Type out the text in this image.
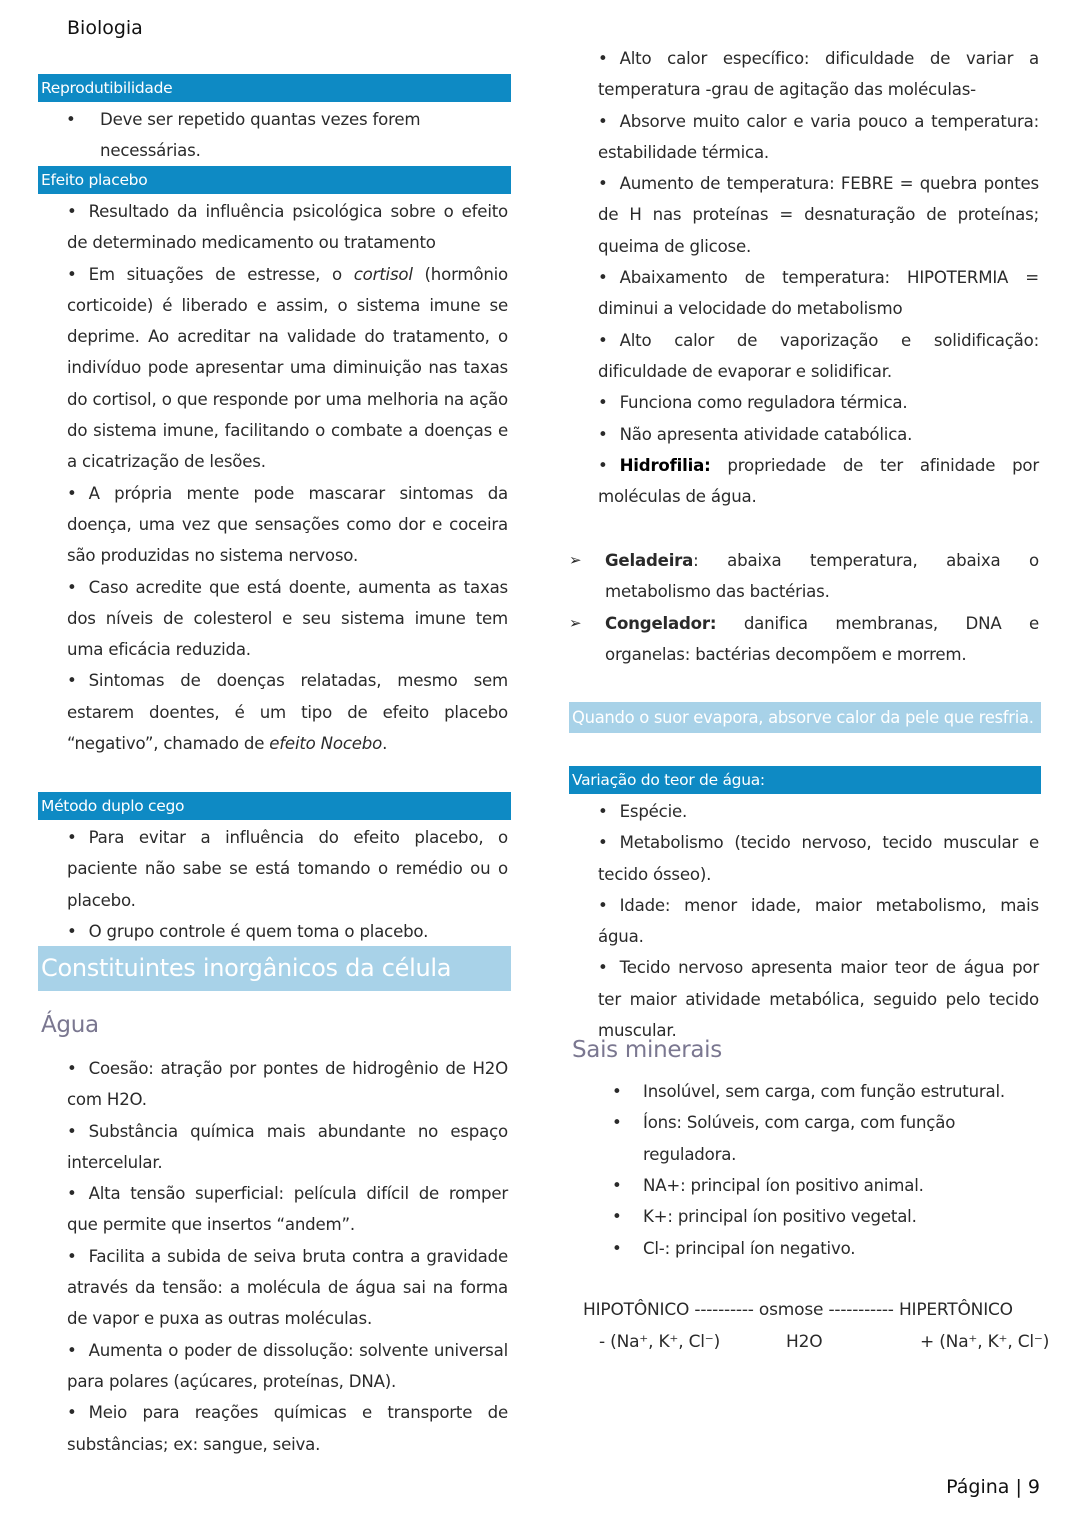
Biologia
Reprodutibilidade
• Deve ser repetido quantas vezes forem necessárias.
Efeito placebo
• Resultado da influência psicológica sobre o efeito de determinado medicamento ou tratamento
• Em situações de estresse, o cortisol (hormônio corticoide) é liberado e assim, o sistema imune se deprime. Ao acreditar na validade do tratamento, o indivíduo pode apresentar uma diminuição nas taxas do cortisol, o que responde por uma melhoria na ação do sistema imune, facilitando o combate a doenças e a cicatrização de lesões.
• A própria mente pode mascarar sintomas da doença, uma vez que sensações como dor e coceira são produzidas no sistema nervoso.
• Caso acredite que está doente, aumenta as taxas dos níveis de colesterol e seu sistema imune tem uma eficácia reduzida.
• Sintomas de doenças relatadas, mesmo sem estarem doentes, é um tipo de efeito placebo “negativo”, chamado de efeito Nocebo.
Método duplo cego
• Para evitar a influência do efeito placebo, o paciente não sabe se está tomando o remédio ou o placebo.
• O grupo controle é quem toma o placebo.
Constituintes inorgânicos da célula
Água
• Coesão: atração por pontes de hidrogênio de H2O com H2O.
• Substância química mais abundante no espaço intercelular.
• Alta tensão superficial: película difícil de romper que permite que insertos “andem”.
• Facilita a subida de seiva bruta contra a gravidade através da tensão: a molécula de água sai na forma de vapor e puxa as outras moléculas.
• Aumenta o poder de dissolução: solvente universal para polares (açúcares, proteínas, DNA).
• Meio para reações químicas e transporte de substâncias; ex: sangue, seiva.
• Alto calor específico: dificuldade de variar a temperatura -grau de agitação das moléculas-
• Absorve muito calor e varia pouco a temperatura: estabilidade térmica.
• Aumento de temperatura: FEBRE = quebra pontes de H nas proteínas = desnaturação de proteínas; queima de glicose.
• Abaixamento de temperatura: HIPOTERMIA = diminui a velocidade do metabolismo
• Alto calor de vaporização e solidificação: dificuldade de evaporar e solidificar.
• Funciona como reguladora térmica.
• Não apresenta atividade catabólica.
• Hidrofilia: propriedade de ter afinidade por moléculas de água.
➢ Geladeira: abaixa temperatura, abaixa o metabolismo das bactérias.
➢ Congelador: danifica membranas, DNA e organelas: bactérias decompõem e morrem.
Quando o suor evapora, absorve calor da pele que resfria.
Variação do teor de água:
• Espécie.
• Metabolismo (tecido nervoso, tecido muscular e tecido ósseo).
• Idade: menor idade, maior metabolismo, mais água.
• Tecido nervoso apresenta maior teor de água por ter maior atividade metabólica, seguido pelo tecido muscular.
Sais minerais
• Insolúvel, sem carga, com função estrutural.
• Íons: Solúveis, com carga, com função reguladora.
• NA+: principal íon positivo animal.
• K+: principal íon positivo vegetal.
• Cl-: principal íon negativo.
HIPOTÔNICO ---------- osmose ----------- HIPERTÔNICO
- (Na⁺, K⁺, Cl⁻)	H2O	+ (Na⁺, K⁺, Cl⁻)
Página | 9
